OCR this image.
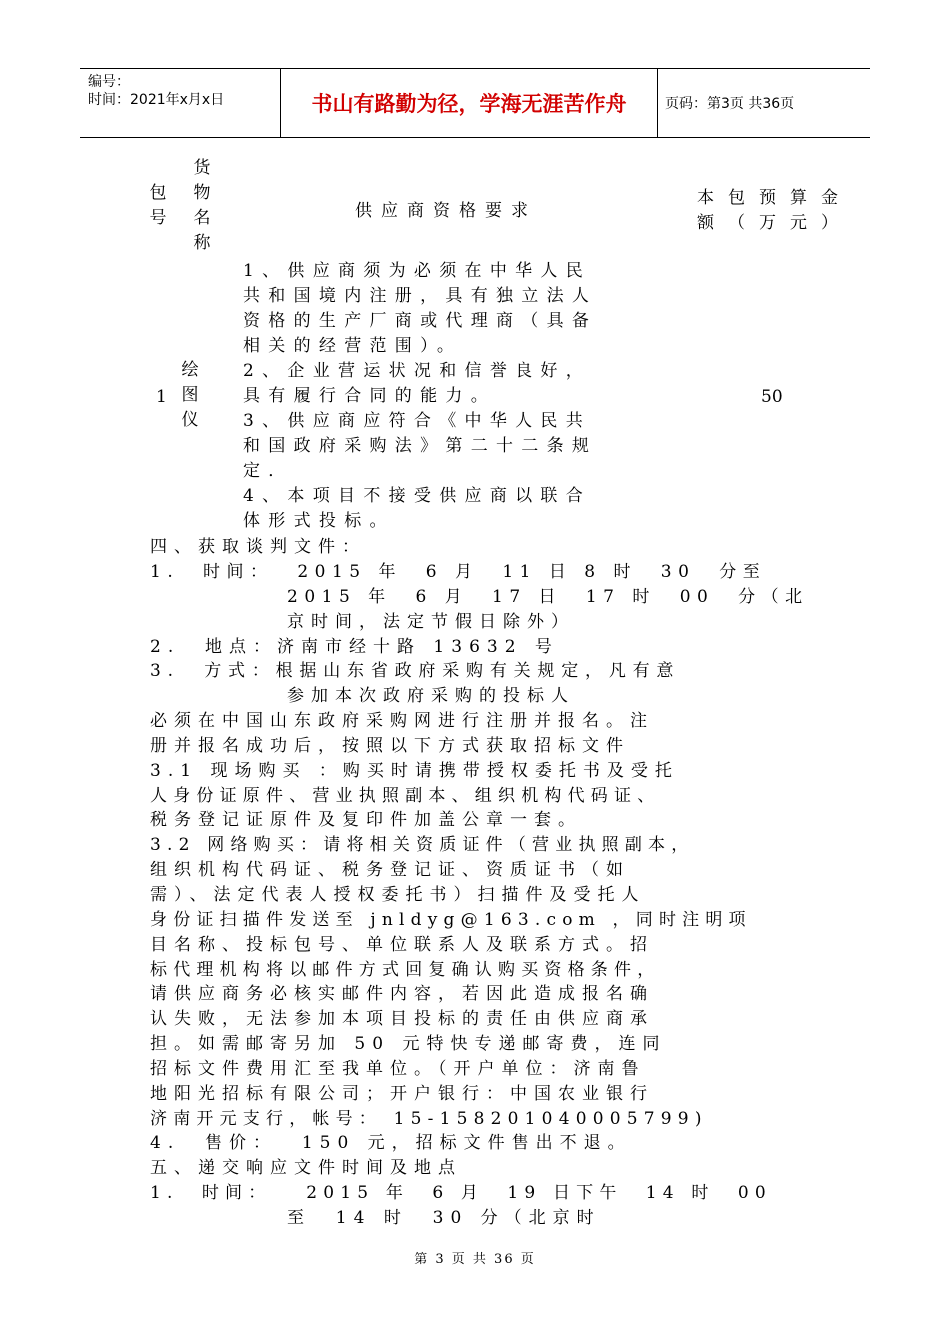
编号：
时间：2021年x月x日	书山有路勤为径，学海无涯苦作舟	页码：第3页 共36页
包
号
货
物
名
称
供应商资格要求
本包预算金
额（万元）
1
绘
图
仪
1、供应商须为必须在中华人民
共和国境内注册，具有独立法人
资格的生产厂商或代理商（具备
相关的经营范围）。
2、企业营运状况和信誉良好，
具有履行合同的能力。
3、供应商应符合《中华人民共
和国政府采购法》第二十二条规
定．
4、本项目不接受供应商以联合
体形式投标。
50
四、获取谈判文件：
1.  时间：  2015 年  6 月  11 日 8 时  30  分至
2015 年  6 月  17 日  17 时  00  分（北
京时间，法定节假日除外）
2.  地点：济南市经十路 13632 号
3.  方式：根据山东省政府采购有关规定，凡有意
参加本次政府采购的投标人
必须在中国山东政府采购网进行注册并报名。注
册并报名成功后，按照以下方式获取招标文件
3.1 现场购买 ：购买时请携带授权委托书及受托
人身份证原件、营业执照副本、组织机构代码证、
税务登记证原件及复印件加盖公章一套。
3.2 网络购买：请将相关资质证件（营业执照副本，
组织机构代码证、税务登记证、资质证书（如
需）、法定代表人授权委托书）扫描件及受托人
身份证扫描件发送至 jnldyg@163.com ，同时注明项
目名称、投标包号、单位联系人及联系方式。招
标代理机构将以邮件方式回复确认购买资格条件，
请供应商务必核实邮件内容，若因此造成报名确
认失败，无法参加本项目投标的责任由供应商承
担。如需邮寄另加 50 元特快专递邮寄费，连同
招标文件费用汇至我单位。（开户单位：济南鲁
地阳光招标有限公司；开户银行：中国农业银行
济南开元支行，帐号： 15-158201040005799)
4.  售价：  150 元，招标文件售出不退。
五、递交响应文件时间及地点
1.  时间：   2015 年  6 月  19 日下午  14 时  00
至  14 时  30 分（北京时
第 3 页 共 36 页
